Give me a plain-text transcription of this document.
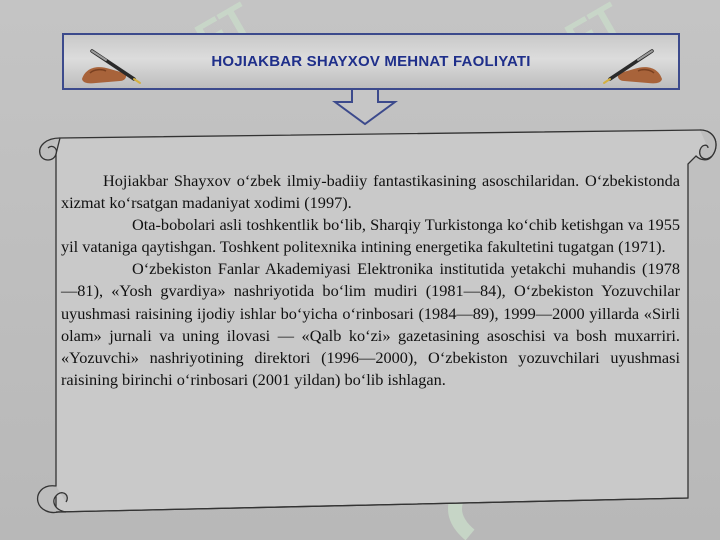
HOJIAKBAR SHAYXOV MEHNAT FAOLIYATI

Hojiakbar Shayxov o‘zbek ilmiy-badiiy fantastikasining asoschilaridan. O‘zbekistonda xizmat ko‘rsatgan madaniyat xodimi (1997).

Ota-bobolari asli toshkentlik bo‘lib, Sharqiy Turkistonga ko‘chib ketishgan va 1955 yil vataniga qaytishgan. Toshkent politexnika intining energetika fakultetini tugatgan (1971).

O‘zbekiston Fanlar Akademiyasi Elektronika institutida yetakchi muhandis (1978—81), «Yosh gvardiya» nashriyotida bo‘lim mudiri (1981—84), O‘zbekiston Yozuvchilar uyushmasi raisining ijodiy ishlar bo‘yicha o‘rinbosari (1984—89), 1999—2000 yillarda «Sirli olam» jurnali va uning ilovasi — «Qalb ko‘zi» gazetasining asoschisi va bosh muxarriri. «Yozuvchi» nashriyotining direktori (1996—2000), O‘zbekiston yozuvchilari uyushmasi raisining birinchi o‘rinbosari (2001 yildan) bo‘lib ishlagan.
